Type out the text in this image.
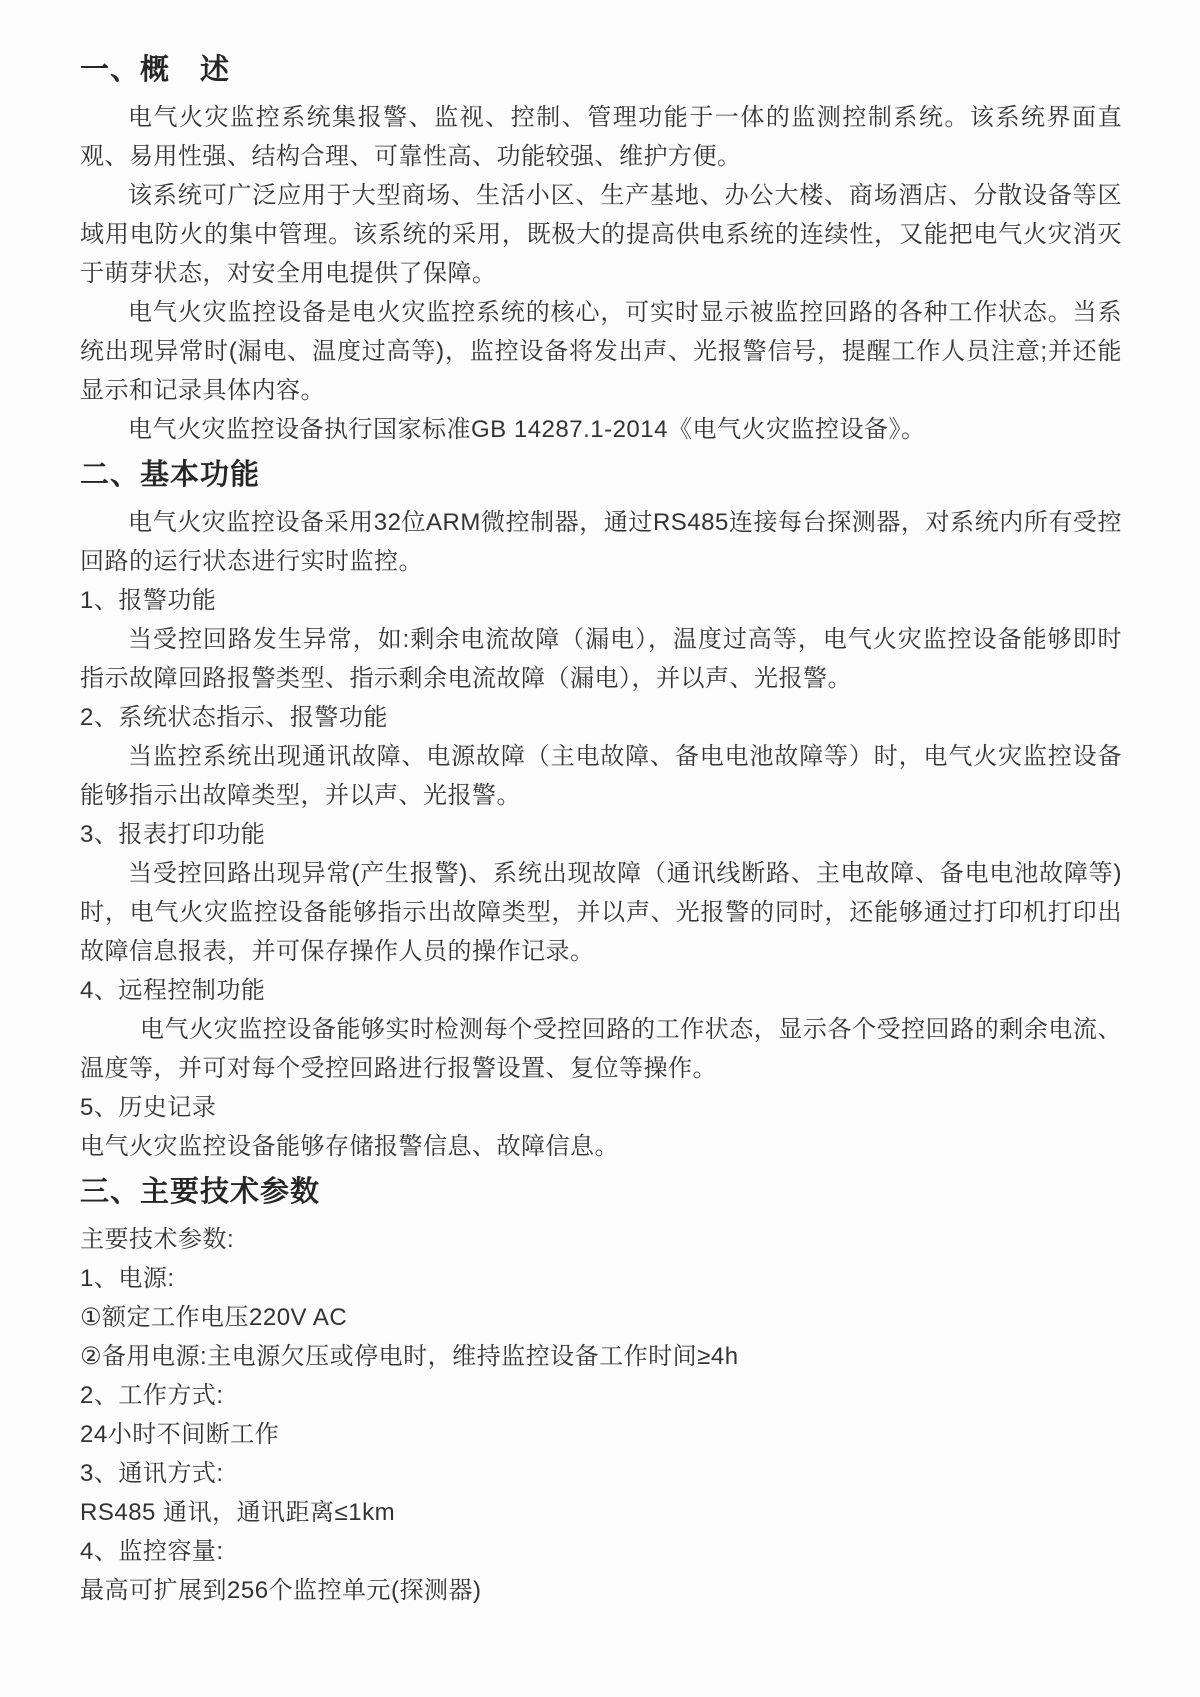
一、概　述

电气火灾监控系统集报警、监视、控制、管理功能于一体的监测控制系统。该系统界面直观、易用性强、结构合理、可靠性高、功能较强、维护方便。

该系统可广泛应用于大型商场、生活小区、生产基地、办公大楼、商场酒店、分散设备等区域用电防火的集中管理。该系统的采用，既极大的提高供电系统的连续性，又能把电气火灾消灭于萌芽状态，对安全用电提供了保障。

电气火灾监控设备是电火灾监控系统的核心，可实时显示被监控回路的各种工作状态。当系统出现异常时(漏电、温度过高等)，监控设备将发出声、光报警信号，提醒工作人员注意;并还能显示和记录具体内容。

电气火灾监控设备执行国家标准GB 14287.1-2014《电气火灾监控设备》。

二、基本功能

电气火灾监控设备采用32位ARM微控制器，通过RS485连接每台探测器，对系统内所有受控回路的运行状态进行实时监控。

1、报警功能

当受控回路发生异常，如:剩余电流故障（漏电），温度过高等，电气火灾监控设备能够即时指示故障回路报警类型、指示剩余电流故障（漏电），并以声、光报警。

2、系统状态指示、报警功能

当监控系统出现通讯故障、电源故障（主电故障、备电电池故障等）时，电气火灾监控设备能够指示出故障类型，并以声、光报警。

3、报表打印功能

当受控回路出现异常(产生报警)、系统出现故障（通讯线断路、主电故障、备电电池故障等)时，电气火灾监控设备能够指示出故障类型，并以声、光报警的同时，还能够通过打印机打印出故障信息报表，并可保存操作人员的操作记录。

4、远程控制功能

电气火灾监控设备能够实时检测每个受控回路的工作状态，显示各个受控回路的剩余电流、温度等，并可对每个受控回路进行报警设置、复位等操作。

5、历史记录

电气火灾监控设备能够存储报警信息、故障信息。

三、主要技术参数

主要技术参数:

1、电源:

①额定工作电压220V AC

②备用电源:主电源欠压或停电时，维持监控设备工作时间≥4h

2、工作方式:

24小时不间断工作

3、通讯方式:

RS485 通讯，通讯距离≤1km

4、监控容量:

最高可扩展到256个监控单元(探测器)
